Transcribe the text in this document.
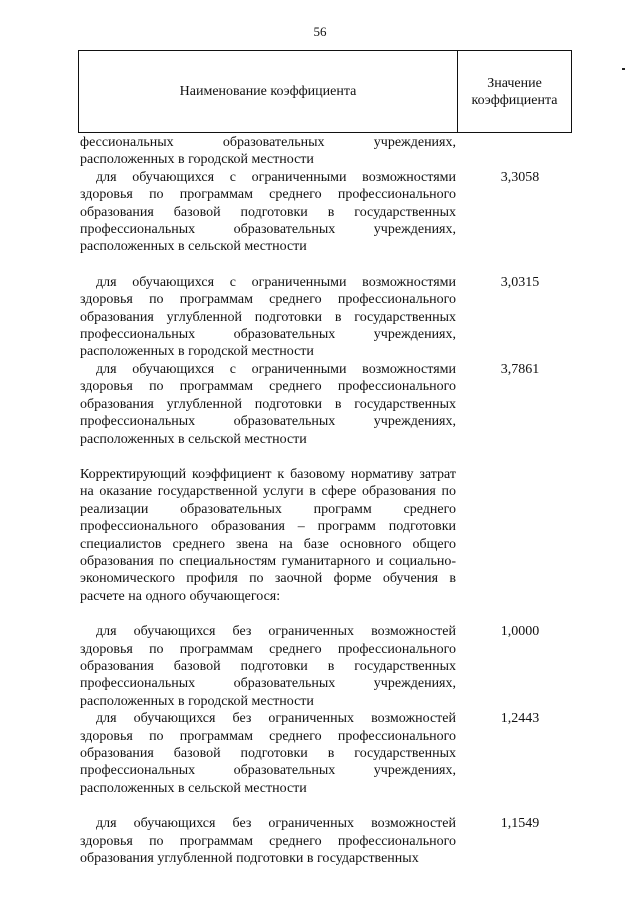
56
Наименование коэффициента
Значение
коэффициента
фессиональных образовательных учреждениях, расположенных в городской местности
для обучающихся с ограниченными возможностями здоровья по программам среднего профессионального образования базовой подготовки в государственных профессиональных образовательных учреждениях, расположенных в сельской местности
3,3058
для обучающихся с ограниченными возможностями здоровья по программам среднего профессионального образования углубленной подготовки в государственных профессиональных образовательных учреждениях, расположенных в городской местности
3,0315
для обучающихся с ограниченными возможностями здоровья по программам среднего профессионального образования углубленной подготовки в государственных профессиональных образовательных учреждениях, расположенных в сельской местности
3,7861
Корректирующий коэффициент к базовому нормативу затрат на оказание государственной услуги в сфере образования по реализации образовательных программ среднего профессионального образования – программ подготовки специалистов среднего звена на базе основного общего образования по специальностям гуманитарного и социально-экономического профиля по заочной форме обучения в расчете на одного обучающегося:
для обучающихся без ограниченных возможностей здоровья по программам среднего профессионального образования базовой подготовки в государственных профессиональных образовательных учреждениях, расположенных в городской местности
1,0000
для обучающихся без ограниченных возможностей здоровья по программам среднего профессионального образования базовой подготовки в государственных профессиональных образовательных учреждениях, расположенных в сельской местности
1,2443
для обучающихся без ограниченных возможностей здоровья по программам среднего профессионального образования углубленной подготовки в государственных
1,1549
